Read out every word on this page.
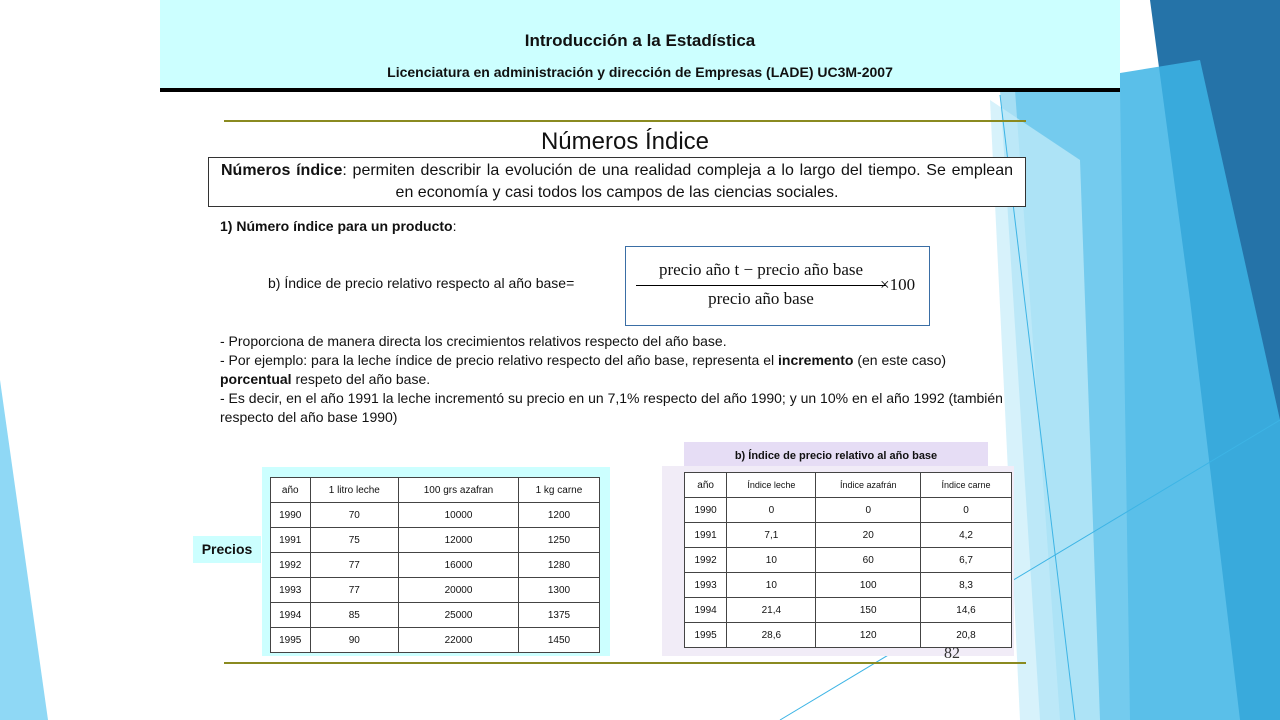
Introducción a la Estadística
Licenciatura en administración y dirección de Empresas (LADE) UC3M-2007
Números Índice
Números índice: permiten describir la evolución de una realidad compleja a lo largo del tiempo. Se emplean en economía y casi todos los campos de las ciencias sociales.
1) Número índice para un producto:
b) Índice de precio relativo respecto al año base=
precio año t − precio año base
precio año base
×100

- Proporciona de manera directa los crecimientos relativos respecto del año base.

- Por ejemplo: para la leche índice de precio relativo respecto del año base, representa el incremento (en este caso) porcentual respeto del año base.

- Es decir, en el año 1991 la leche incrementó su precio en un 7,1% respecto del año 1990; y un 10% en el año 1992 (también respecto del año base 1990)

Precios
año	1 litro leche	100 grs azafran	1 kg carne
1990	70	10000	1200
1991	75	12000	1250
1992	77	16000	1280
1993	77	20000	1300
1994	85	25000	1375
1995	90	22000	1450
b) Índice de precio relativo al año base
año	Índice leche	Índice azafrán	Índice carne
1990	0	0	0
1991	7,1	20	4,2
1992	10	60	6,7
1993	10	100	8,3
1994	21,4	150	14,6
1995	28,6	120	20,8
82
